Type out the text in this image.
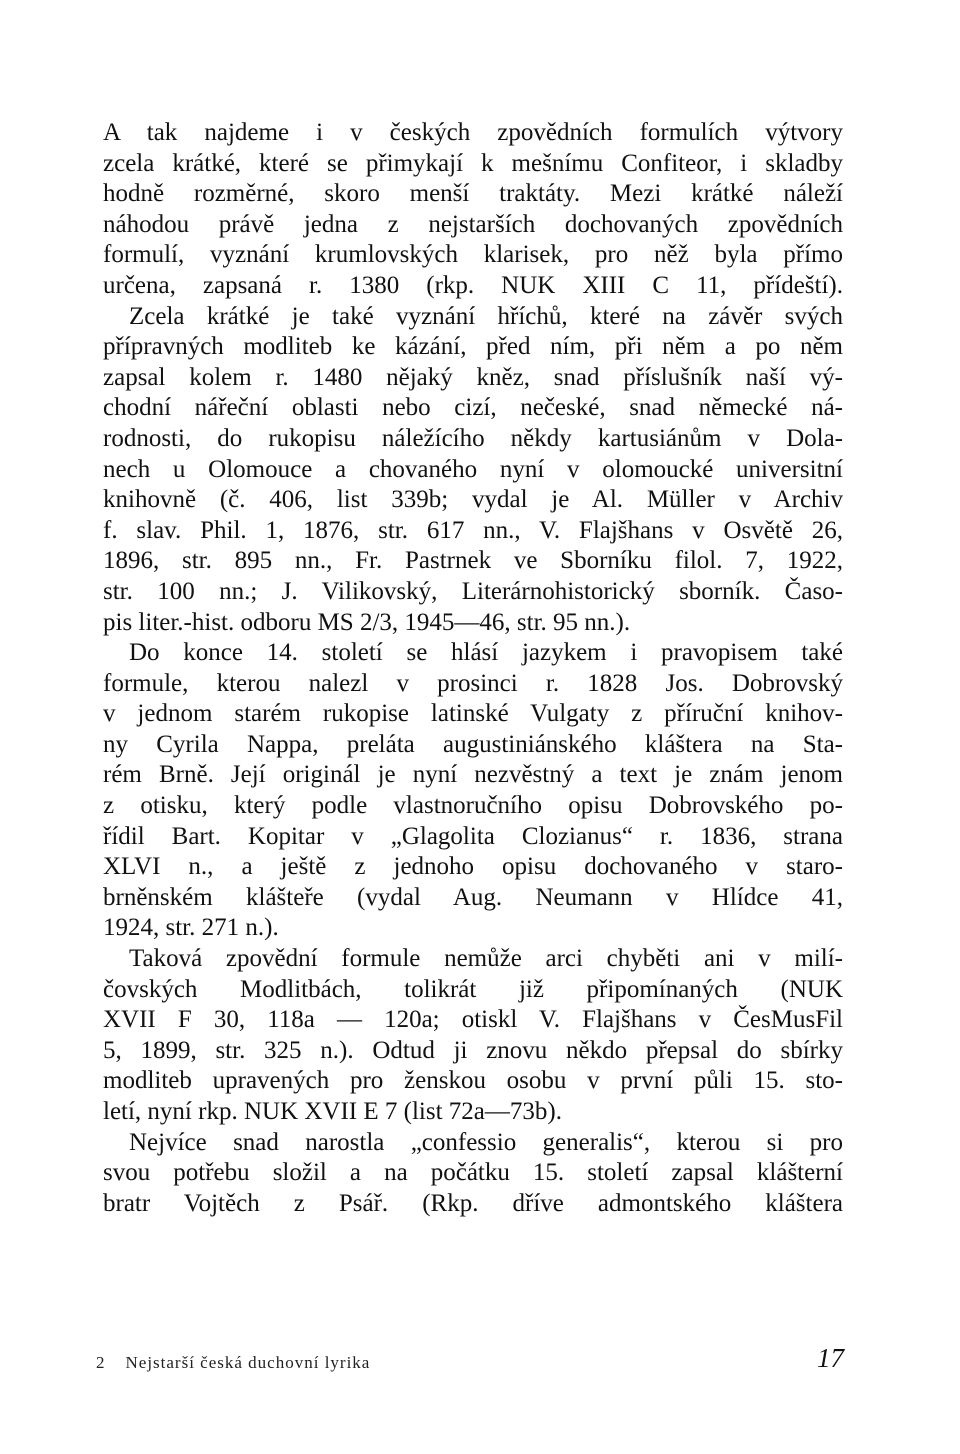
A tak najdeme i v českých zpovědních formulích výtvory
zcela krátké, které se přimykají k mešnímu Confiteor, i skladby
hodně rozměrné, skoro menší traktáty. Mezi krátké náleží
náhodou právě jedna z nejstarších dochovaných zpovědních
formulí, vyznání krumlovských klarisek, pro něž byla přímo
určena, zapsaná r. 1380 (rkp. NUK XIII C 11, přídeští).
Zcela krátké je také vyznání hříchů, které na závěr svých
přípravných modliteb ke kázání, před ním, při něm a po něm
zapsal kolem r. 1480 nějaký kněz, snad příslušník naší vý-
chodní nářeční oblasti nebo cizí, nečeské, snad německé ná-
rodnosti, do rukopisu náležícího někdy kartusiánům v Dola-
nech u Olomouce a chovaného nyní v olomoucké universitní
knihovně (č. 406, list 339b; vydal je Al. Müller v Archiv
f. slav. Phil. 1, 1876, str. 617 nn., V. Flajšhans v Osvětě 26,
1896, str. 895 nn., Fr. Pastrnek ve Sborníku filol. 7, 1922,
str. 100 nn.; J. Vilikovský, Literárnohistorický sborník. Časo-
pis liter.-hist. odboru MS 2/3, 1945—46, str. 95 nn.).
Do konce 14. století se hlásí jazykem i pravopisem také
formule, kterou nalezl v prosinci r. 1828 Jos. Dobrovský
v jednom starém rukopise latinské Vulgaty z příruční knihov-
ny Cyrila Nappa, preláta augustiniánského kláštera na Sta-
rém Brně. Její originál je nyní nezvěstný a text je znám jenom
z otisku, který podle vlastnoručního opisu Dobrovského po-
řídil Bart. Kopitar v „Glagolita Clozianus“ r. 1836, strana
XLVI n., a ještě z jednoho opisu dochovaného v staro-
brněnském klášteře (vydal Aug. Neumann v Hlídce 41,
1924, str. 271 n.).
Taková zpovědní formule nemůže arci chyběti ani v milí-
čovských Modlitbách, tolikrát již připomínaných (NUK
XVII F 30, 118a — 120a; otiskl V. Flajšhans v ČesMusFil
5, 1899, str. 325 n.). Odtud ji znovu někdo přepsal do sbírky
modliteb upravených pro ženskou osobu v první půli 15. sto-
letí, nyní rkp. NUK XVII E 7 (list 72a—73b).
Nejvíce snad narostla „confessio generalis“, kterou si pro
svou potřebu složil a na počátku 15. století zapsal klášterní
bratr Vojtěch z Psář. (Rkp. dříve admontského kláštera
2 Nejstarší česká duchovní lyrika	17
